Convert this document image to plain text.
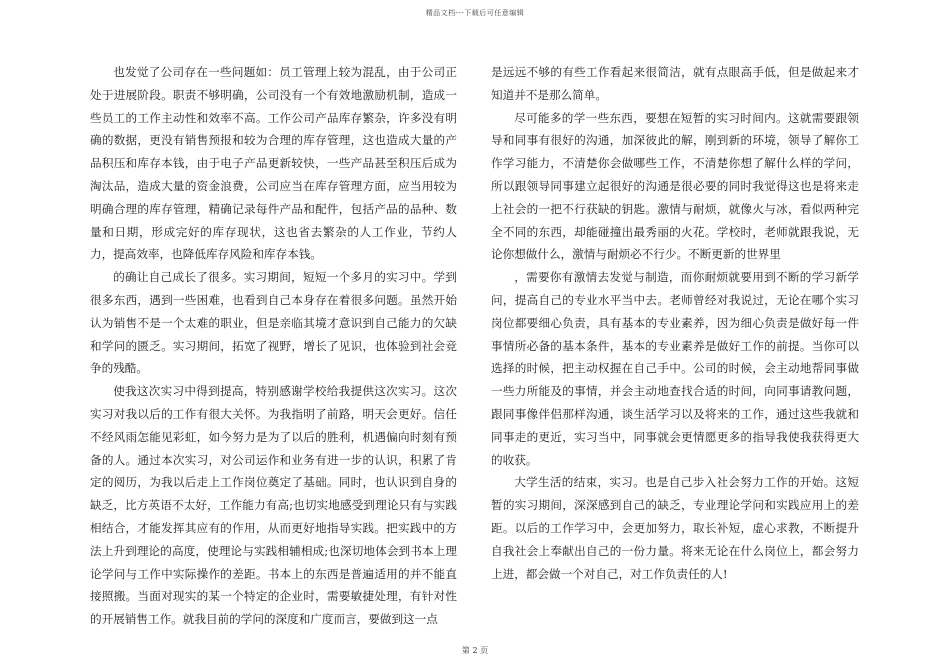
精品文档---下载后可任意编辑

也发觉了公司存在一些问题如：员工管理上较为混乱，由于公司正处于进展阶段。职责不够明确，公司没有一个有效地激励机制，造成一些员工的工作主动性和效率不高。工作公司产品库存繁杂，许多没有明确的数据，更没有销售预报和较为合理的库存管理，这也造成大量的产品积压和库存本钱，由于电子产品更新较快，一些产品甚至积压后成为淘汰品，造成大量的资金浪费，公司应当在库存管理方面，应当用较为明确合理的库存管理，精确记录每件产品和配件，包括产品的品种、数量和日期，形成完好的库存现状，这也省去繁杂的人工作业，节约人力，提高效率，也降低库存风险和库存本钱。

的确让自己成长了很多。实习期间，短短一个多月的实习中。学到很多东西，遇到一些困难，也看到自己本身存在着很多问题。虽然开始认为销售不是一个太难的职业，但是亲临其境才意识到自己能力的欠缺和学问的匮乏。实习期间，拓宽了视野，增长了见识，也体验到社会竞争的残酷。

使我这次实习中得到提高，特别感谢学校给我提供这次实习。这次实习对我以后的工作有很大关怀。为我指明了前路，明天会更好。信任不经风雨怎能见彩虹，如今努力是为了以后的胜利，机遇偏向时刻有预备的人。通过本次实习，对公司运作和业务有进一步的认识，积累了肯定的阅历，为我以后走上工作岗位奠定了基础。同时，也认识到自身的缺乏，比方英语不太好，工作能力有高;也切实地感受到理论只有与实践相结合，才能发挥其应有的作用，从而更好地指导实践。把实践中的方法上升到理论的高度，使理论与实践相辅相成;也深切地体会到书本上理论学问与工作中实际操作的差距。书本上的东西是普遍适用的并不能直接照搬。当面对现实的某一个特定的企业时，需要敏捷处理，有针对性的开展销售工作。就我目前的学问的深度和广度而言，要做到这一点

是远远不够的有些工作看起来很简洁，就有点眼高手低，但是做起来才知道并不是那么简单。

尽可能多的学一些东西，要想在短暂的实习时间内。这就需要跟领导和同事有很好的沟通，加深彼此的解，刚到新的环境，领导了解你工作学习能力，不清楚你会做哪些工作，不清楚你想了解什么样的学问，所以跟领导同事建立起很好的沟通是很必要的同时我觉得这也是将来走上社会的一把不行获缺的钥匙。激情与耐烦，就像火与冰，看似两种完全不同的东西，却能碰撞出最秀丽的火花。学校时，老师就跟我说，无论你想做什么，激情与耐烦必不行少。不断更新的世界里

，需要你有激情去发觉与制造，而你耐烦就要用到不断的学习新学问，提高自己的专业水平当中去。老师曾经对我说过，无论在哪个实习岗位都要细心负责，具有基本的专业素养，因为细心负责是做好每一件事情所必备的基本条件，基本的专业素养是做好工作的前提。当你可以选择的时候，把主动权握在自己手中。公司的时候，会主动地帮同事做一些力所能及的事情，并会主动地查找合适的时间，向同事请教问题，跟同事像伴侣那样沟通，谈生活学习以及将来的工作，通过这些我就和同事走的更近，实习当中，同事就会更情愿更多的指导我使我获得更大的收获。

大学生活的结束，实习。也是自己步入社会努力工作的开始。这短暂的实习期间，深深感到自己的缺乏，专业理论学问和实践应用上的差距。以后的工作学习中，会更加努力，取长补短，虚心求教，不断提升自我社会上奉献出自己的一份力量。将来无论在什么岗位上，都会努力上进，都会做一个对自己，对工作负责任的人!

第 2 页
